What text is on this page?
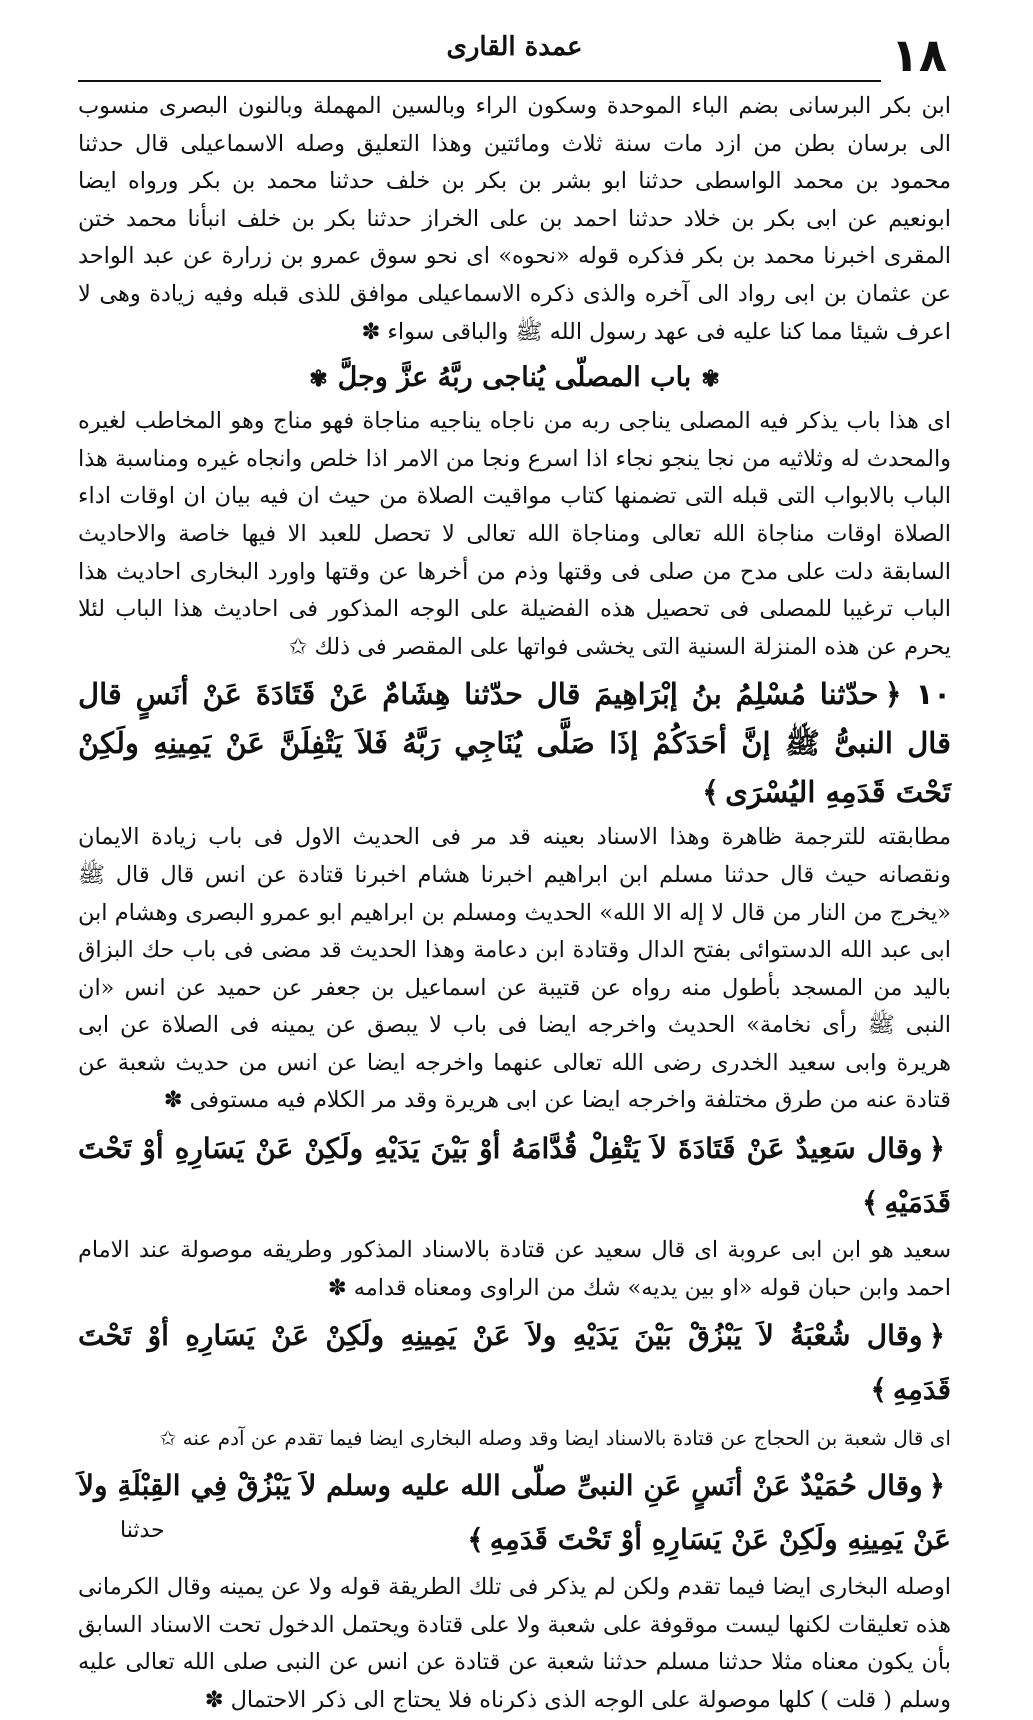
١٨
عمدة القارى

ابن بكر البرسانى بضم الباء الموحدة وسكون الراء وبالسين المهملة وبالنون البصرى منسوب الى برسان بطن من ازد مات سنة ثلاث ومائتين وهذا التعليق وصله الاسماعيلى قال حدثنا محمود بن محمد الواسطى حدثنا ابو بشر بن بكر بن خلف حدثنا محمد بن بكر ورواه ايضا ابونعيم عن ابى بكر بن خلاد حدثنا احمد بن على الخراز حدثنا بكر بن خلف انبأنا محمد ختن المقرى اخبرنا محمد بن بكر فذكره قوله «نحوه» اى نحو سوق عمرو بن زرارة عن عبد الواحد عن عثمان بن ابى رواد الى آخره والذى ذكره الاسماعيلى موافق للذى قبله وفيه زيادة وهى لا اعرف شيئا مما كنا عليه فى عهد رسول الله ﷺ والباقى سواء ✽

✾باب المصلّى يُناجى ربَّهُ عزَّ وجلَّ✾

اى هذا باب يذكر فيه المصلى يناجى ربه من ناجاه يناجيه مناجاة فهو مناج وهو المخاطب لغيره والمحدث له وثلاثيه من نجا ينجو نجاء اذا اسرع ونجا من الامر اذا خلص وانجاه غيره ومناسبة هذا الباب بالابواب التى قبله التى تضمنها كتاب مواقيت الصلاة من حيث ان فيه بيان ان اوقات اداء الصلاة اوقات مناجاة الله تعالى ومناجاة الله تعالى لا تحصل للعبد الا فيها خاصة والاحاديث السابقة دلت على مدح من صلى فى وقتها وذم من أخرها عن وقتها واورد البخارى احاديث هذا الباب ترغيبا للمصلى فى تحصيل هذه الفضيلة على الوجه المذكور فى احاديث هذا الباب لئلا يحرم عن هذه المنزلة السنية التى يخشى فواتها على المقصر فى ذلك ✩

١٠﴿حدّثنا مُسْلِمُ بنُ إبْرَاهِيمَ قال حدّثنا هِشَامٌ عَنْ قَتَادَةَ عَنْ أنَسٍ قال قال النبىُّ ﷺ إنَّ أحَدَكُمْ إذَا صَلَّى يُنَاجِي رَبَّهُ فَلاَ يَتْفِلَنَّ عَنْ يَمِينِهِ ولَكِنْ تَحْتَ قَدَمِهِ اليُسْرَى﴾

مطابقته للترجمة ظاهرة وهذا الاسناد بعينه قد مر فى الحديث الاول فى باب زيادة الايمان ونقصانه حيث قال حدثنا مسلم ابن ابراهيم اخبرنا هشام اخبرنا قتادة عن انس قال قال ﷺ «يخرج من النار من قال لا إله الا الله» الحديث ومسلم بن ابراهيم ابو عمرو البصرى وهشام ابن ابى عبد الله الدستوائى بفتح الدال وقتادة ابن دعامة وهذا الحديث قد مضى فى باب حك البزاق باليد من المسجد بأطول منه رواه عن قتيبة عن اسماعيل بن جعفر عن حميد عن انس «ان النبى ﷺ رأى نخامة» الحديث واخرجه ايضا فى باب لا يبصق عن يمينه فى الصلاة عن ابى هريرة وابى سعيد الخدرى رضى الله تعالى عنهما واخرجه ايضا عن انس من حديث شعبة عن قتادة عنه من طرق مختلفة واخرجه ايضا عن ابى هريرة وقد مر الكلام فيه مستوفى ✽

﴿وقال سَعِيدٌ عَنْ قَتَادَةَ لاَ يَتْفِلْ قُدَّامَهُ أوْ بَيْنَ يَدَيْهِ ولَكِنْ عَنْ يَسَارِهِ أوْ تَحْتَ قَدَمَيْهِ﴾

سعيد هو ابن ابى عروبة اى قال سعيد عن قتادة بالاسناد المذكور وطريقه موصولة عند الامام احمد وابن حبان قوله «او بين يديه» شك من الراوى ومعناه قدامه ✽

﴿وقال شُعْبَةُ لاَ يَبْزُقْ بَيْنَ يَدَيْهِ ولاَ عَنْ يَمِينِهِ ولَكِنْ عَنْ يَسَارِهِ أوْ تَحْتَ قَدَمِهِ﴾

اى قال شعبة بن الحجاج عن قتادة بالاسناد ايضا وقد وصله البخارى ايضا فيما تقدم عن آدم عنه ✩

﴿وقال حُمَيْدٌ عَنْ أنَسٍ عَنِ النبىِّ صلّى الله عليه وسلم لاَ يَبْزُقْ فِي القِبْلَةِ ولاَ عَنْ يَمِينِهِ ولَكِنْ عَنْ يَسَارِهِ أوْ تَحْتَ قَدَمِهِ﴾

اوصله البخارى ايضا فيما تقدم ولكن لم يذكر فى تلك الطريقة قوله ولا عن يمينه وقال الكرمانى هذه تعليقات لكنها ليست موقوفة على شعبة ولا على قتادة ويحتمل الدخول تحت الاسناد السابق بأن يكون معناه مثلا حدثنا مسلم حدثنا شعبة عن قتادة عن انس عن النبى صلى الله تعالى عليه وسلم ( قلت ) كلها موصولة على الوجه الذى ذكرناه فلا يحتاج الى ذكر الاحتمال ✽

حدثنا
